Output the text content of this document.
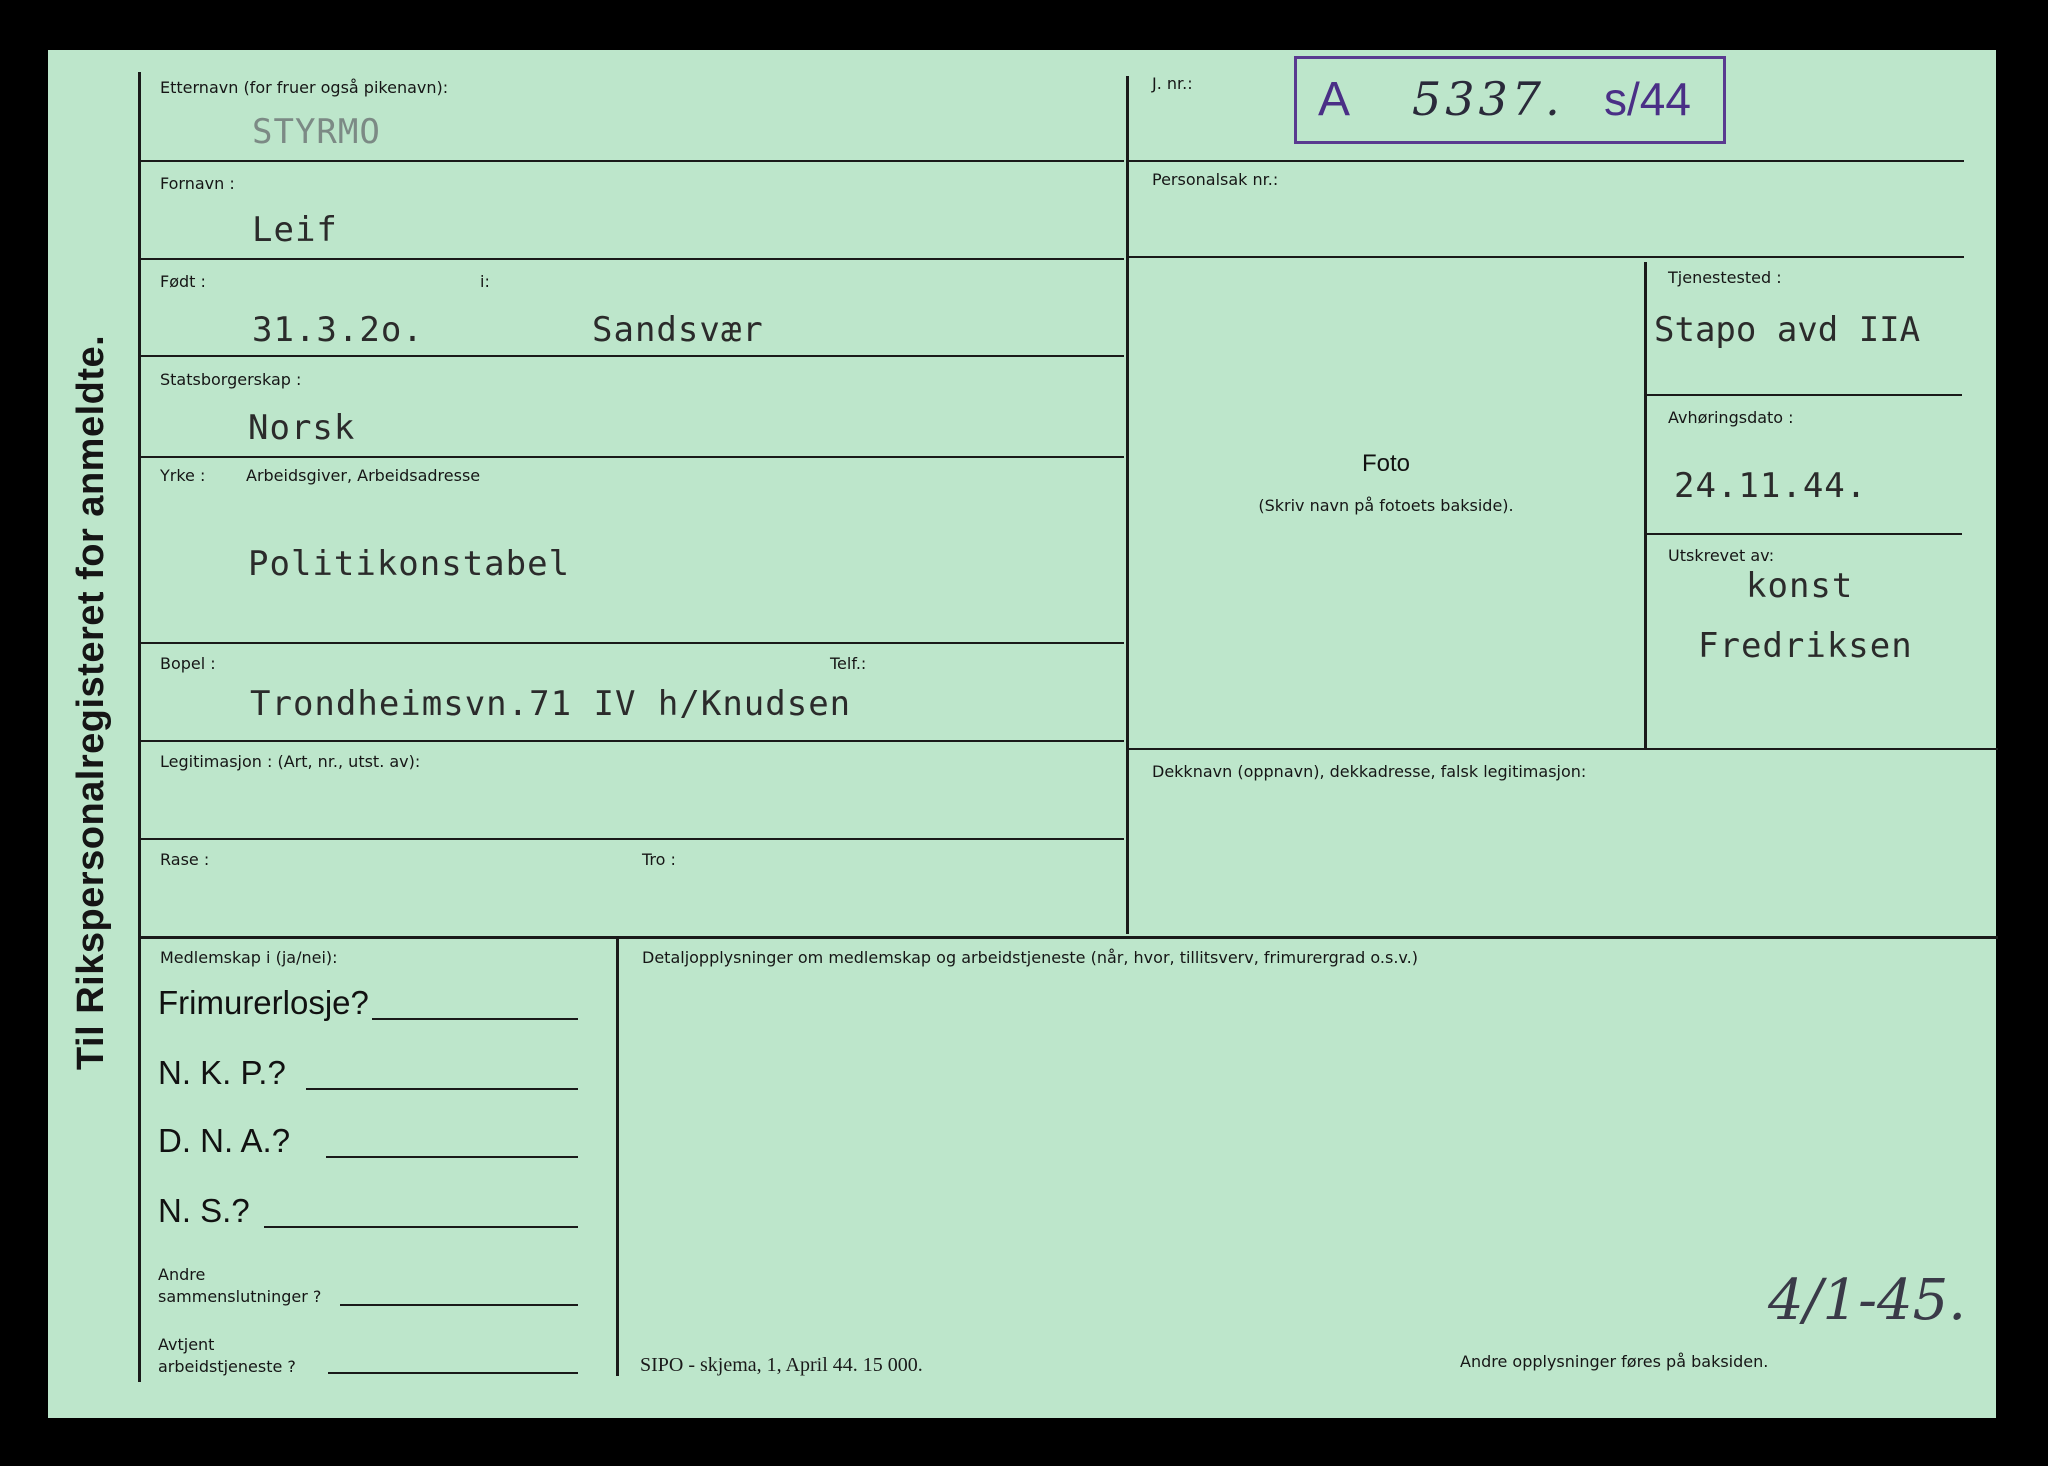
Til Rikspersonalregisteret for anmeldte.
Etternavn (for fruer også pikenavn):
STYRMO
Fornavn :
Leif
Født :	i:
31.3.2o.	Sandsvær
Statsborgerskap :
Norsk
Yrke :	Arbeidsgiver, Arbeidsadresse
Politikonstabel
Bopel :	Telf.:
Trondheimsvn.71 IV h/Knudsen
Legitimasjon : (Art, nr., utst. av):
Rase :	Tro :
J. nr.:	A 5337. s/44
Personalsak nr.:
Foto
(Skriv navn på fotoets bakside).
Tjenestested :
Stapo avd IIA
Avhøringsdato :
24.11.44.
Utskrevet av:
konst
Fredriksen
Dekknavn (oppnavn), dekkadresse, falsk legitimasjon:
Medlemskap i (ja/nei):
Frimurerlosje?
N. K. P.?
D. N. A.?
N. S.?
Andre
sammenslutninger ?
Avtjent
arbeidstjeneste ?
Detaljopplysninger om medlemskap og arbeidstjeneste (når, hvor, tillitsverv, frimurergrad o.s.v.)
SIPO - skjema, 1, April 44. 15 000.	Andre opplysninger føres på baksiden.
4/1-45.
